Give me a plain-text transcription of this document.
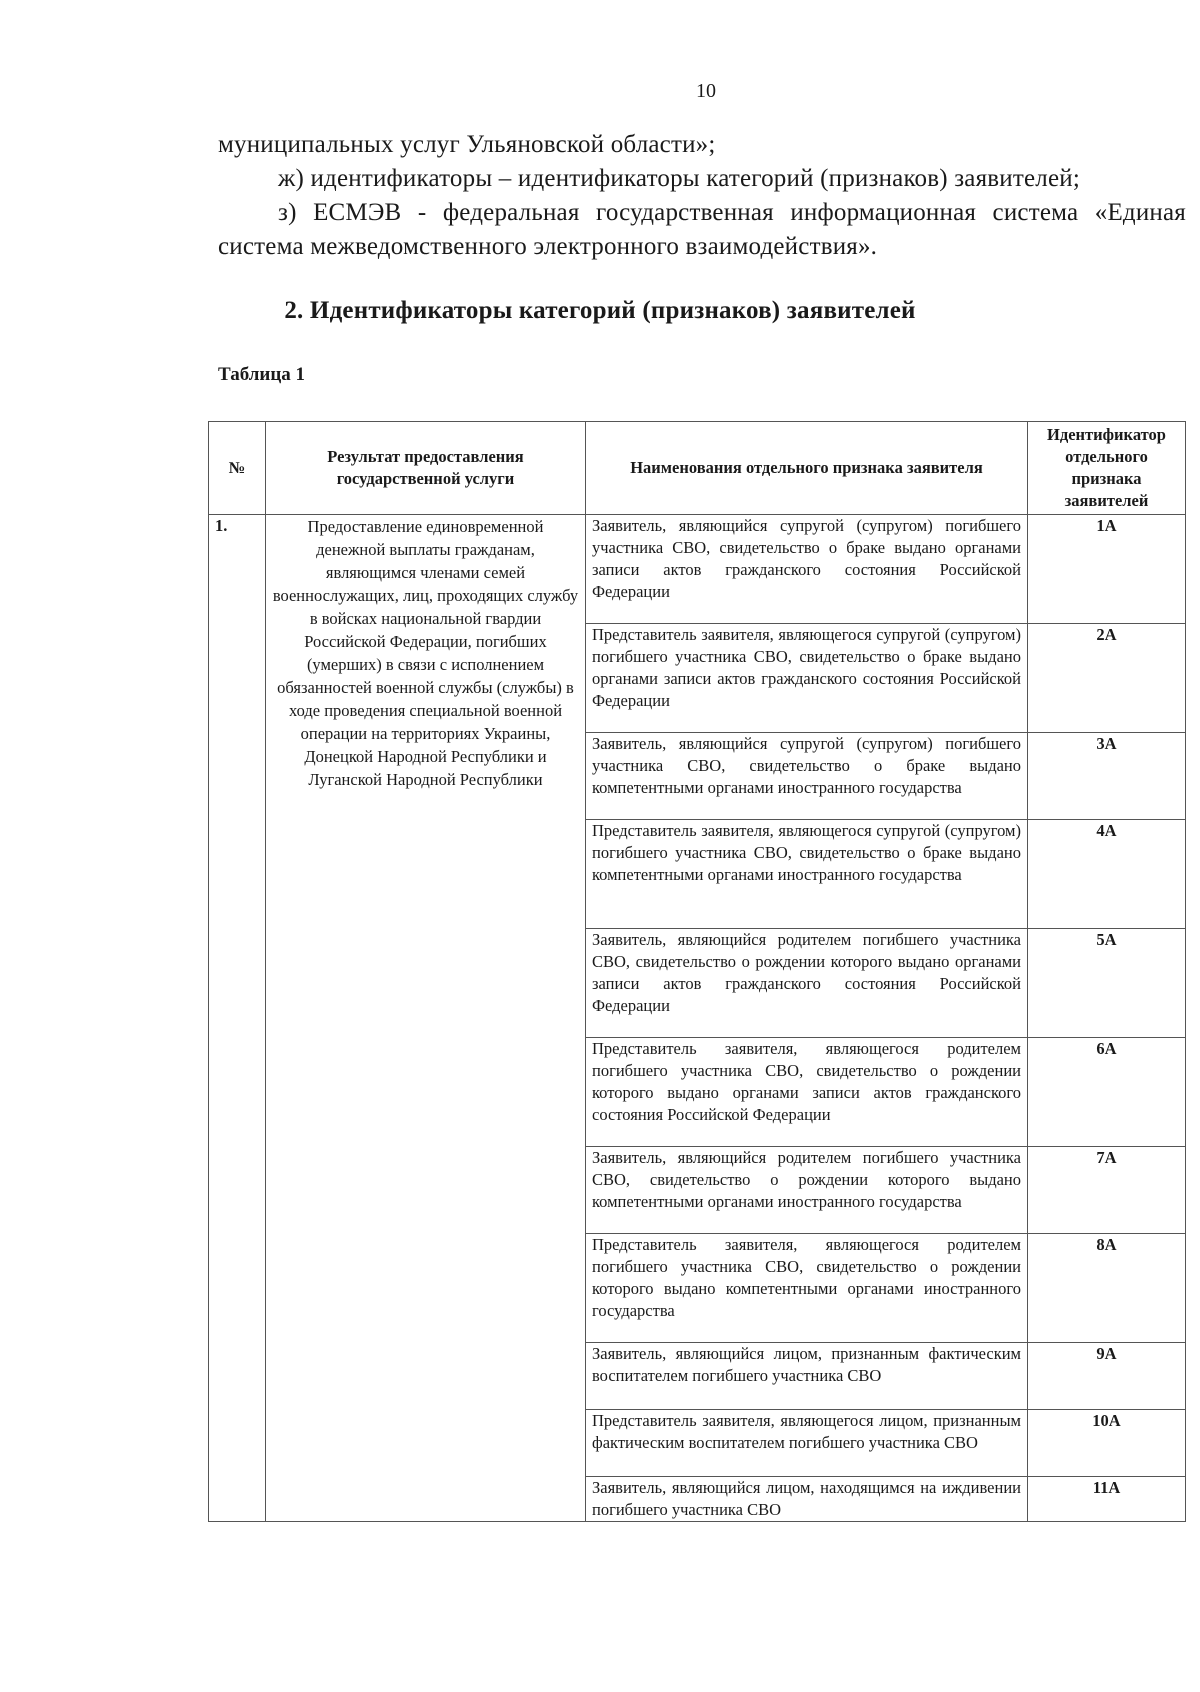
10

муниципальных услуг Ульяновской области»;

ж) идентификаторы – идентификаторы категорий (признаков) заявителей;

з) ЕСМЭВ - федеральная государственная информационная система «Единая система межведомственного электронного взаимодействия».

2. Идентификаторы категорий (признаков) заявителей
Таблица 1
№	Результат предоставления государственной услуги	Наименования отдельного признака заявителя	Идентификатор отдельного признака заявителей
1.	Предоставление единовременной денежной выплаты гражданам, являющимся членами семей военнослужащих, лиц, проходящих службу в войсках национальной гвардии Российской Федерации, погибших (умерших) в связи с исполнением обязанностей военной службы (службы) в ходе проведения специальной военной операции на территориях Украины, Донецкой Народной Республики и Луганской Народной Республики	Заявитель, являющийся супругой (супругом) погибшего участника СВО, свидетельство о браке выдано органами записи актов гражданского состояния Российской Федерации	1А
		Представитель заявителя, являющегося супругой (супругом) погибшего участника СВО, свидетельство о браке выдано органами записи актов гражданского состояния Российской Федерации	2А
		Заявитель, являющийся супругой (супругом) погибшего участника СВО, свидетельство о браке выдано компетентными органами иностранного государства	3А
		Представитель заявителя, являющегося супругой (супругом) погибшего участника СВО, свидетельство о браке выдано компетентными органами иностранного государства	4А
		Заявитель, являющийся родителем погибшего участника СВО, свидетельство о рождении которого выдано органами записи актов гражданского состояния Российской Федерации	5А
		Представитель заявителя, являющегося родителем погибшего участника СВО, свидетельство о рождении которого выдано органами записи актов гражданского состояния Российской Федерации	6А
		Заявитель, являющийся родителем погибшего участника СВО, свидетельство о рождении которого выдано компетентными органами иностранного государства	7А
		Представитель заявителя, являющегося родителем погибшего участника СВО, свидетельство о рождении которого выдано компетентными органами иностранного государства	8А
		Заявитель, являющийся лицом, признанным фактическим воспитателем погибшего участника СВО	9А
		Представитель заявителя, являющегося лицом, признанным фактическим воспитателем погибшего участника СВО	10А
		Заявитель, являющийся лицом, находящимся на иждивении погибшего участника СВО	11А
